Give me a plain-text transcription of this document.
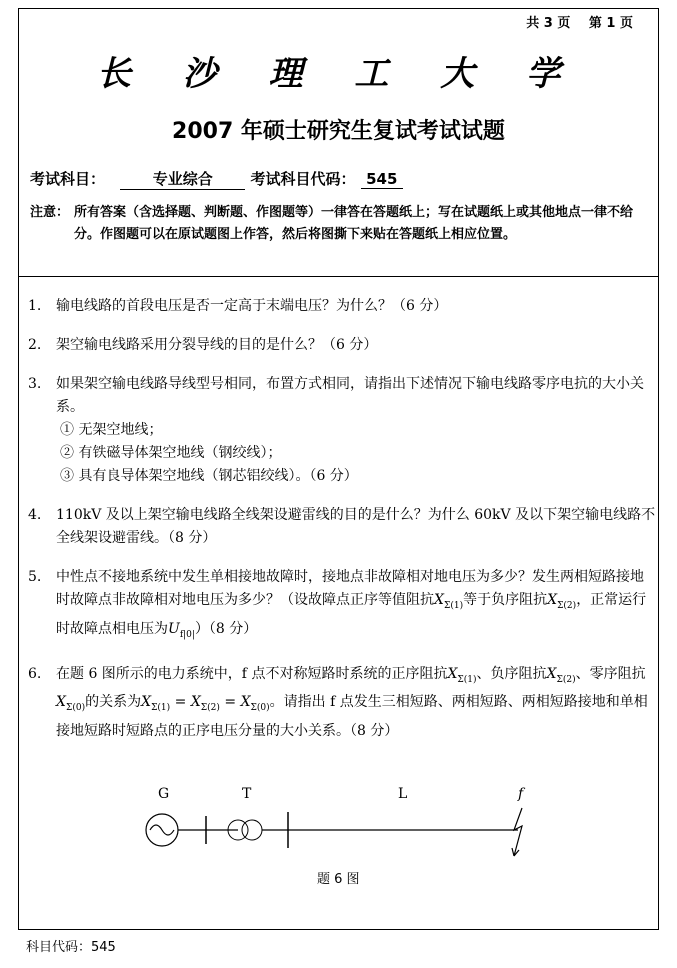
共 3 页 第 1 页
长 沙 理 工 大 学
2007 年硕士研究生复试考试试题
考试科目：	专业综合	考试科目代码： 545
注意： 所有答案（含选择题、判断题、作图题等）一律答在答题纸上；写在试题纸上或其他地点一律不给分。作图题可以在原试题图上作答，然后将图撕下来贴在答题纸上相应位置。
1. 输电线路的首段电压是否一定高于末端电压？为什么？（6 分）
2. 架空输电线路采用分裂导线的目的是什么？（6 分）
3. 如果架空输电线路导线型号相同，布置方式相同，请指出下述情况下输电线路零序电抗的大小关系。
① 无架空地线；
② 有铁磁导体架空地线（钢绞线）；
③ 具有良导体架空地线（钢芯铝绞线）。（6 分）
4. 110kV 及以上架空输电线路全线架设避雷线的目的是什么？为什么 60kV 及以下架空输电线路不全线架设避雷线。（8 分）
5. 中性点不接地系统中发生单相接地故障时，接地点非故障相对地电压为多少？发生两相短路接地时故障点非故障相对地电压为多少？（设故障点正序等值阻抗$X_{\Sigma(1)}$等于负序阻抗$X_{\Sigma(2)}$，正常运行时故障点相电压为$U_{f|0|})(8$ 分）
6. 在题 6 图所示的电力系统中，f 点不对称短路时系统的正序阻抗$X_{\Sigma(1)}$、负序阻抗$X_{\Sigma(2)}$、零序阻抗$X_{\Sigma(0)}$的关系为$X_{\Sigma(1)} = X_{\Sigma(2)} = X_{\Sigma(0)}$。请指出 f 点发生三相短路、两相短路、两相短路接地和单相接地短路时短路点的正序电压分量的大小关系。（8 分）
G	T	L	f
题 6 图
科目代码：545
